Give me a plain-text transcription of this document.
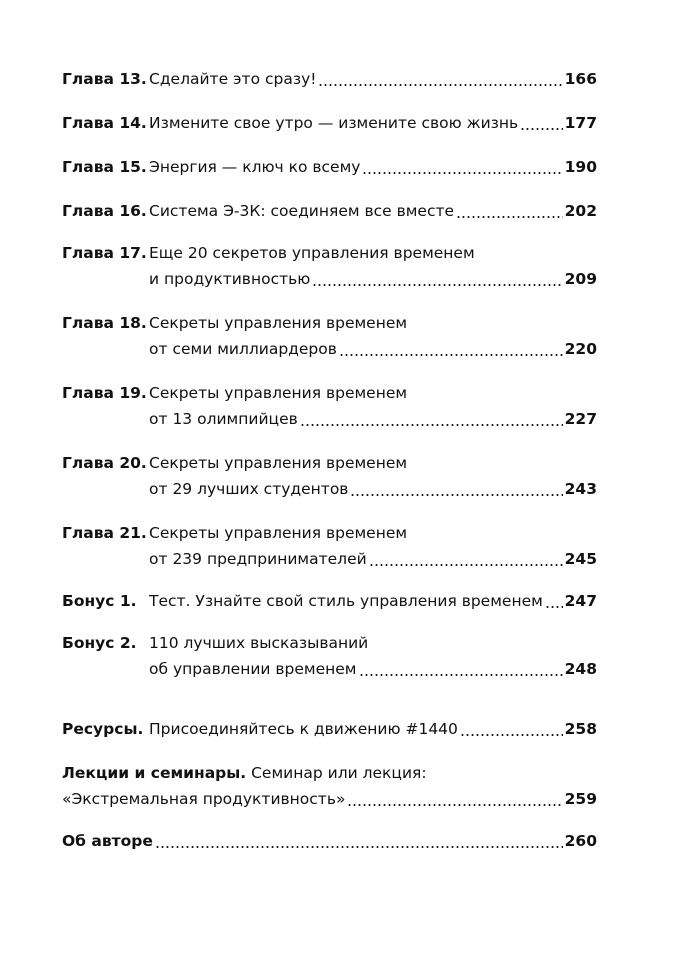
Глава 13. Сделайте это сразу!	166
Глава 14. Измените свое утро — измените свою жизнь	177
Глава 15. Энергия — ключ ко всему	190
Глава 16. Система Э-3К: соединяем все вместе	202
Глава 17. Еще 20 секретов управления временем
и продуктивностью	209
Глава 18. Секреты управления временем
от семи миллиардеров	220
Глава 19. Секреты управления временем
от 13 олимпийцев	227
Глава 20. Секреты управления временем
от 29 лучших студентов	243
Глава 21. Секреты управления временем
от 239 предпринимателей	245
Бонус 1. Тест. Узнайте свой стиль управления временем 247
Бонус 2. 110 лучших высказываний
об управлении временем	248
Ресурсы. Присоединяйтесь к движению #1440	258
Лекции и семинары.
Семинар или лекция:
«Экстремальная продуктивность»	259
Об авторе	260
